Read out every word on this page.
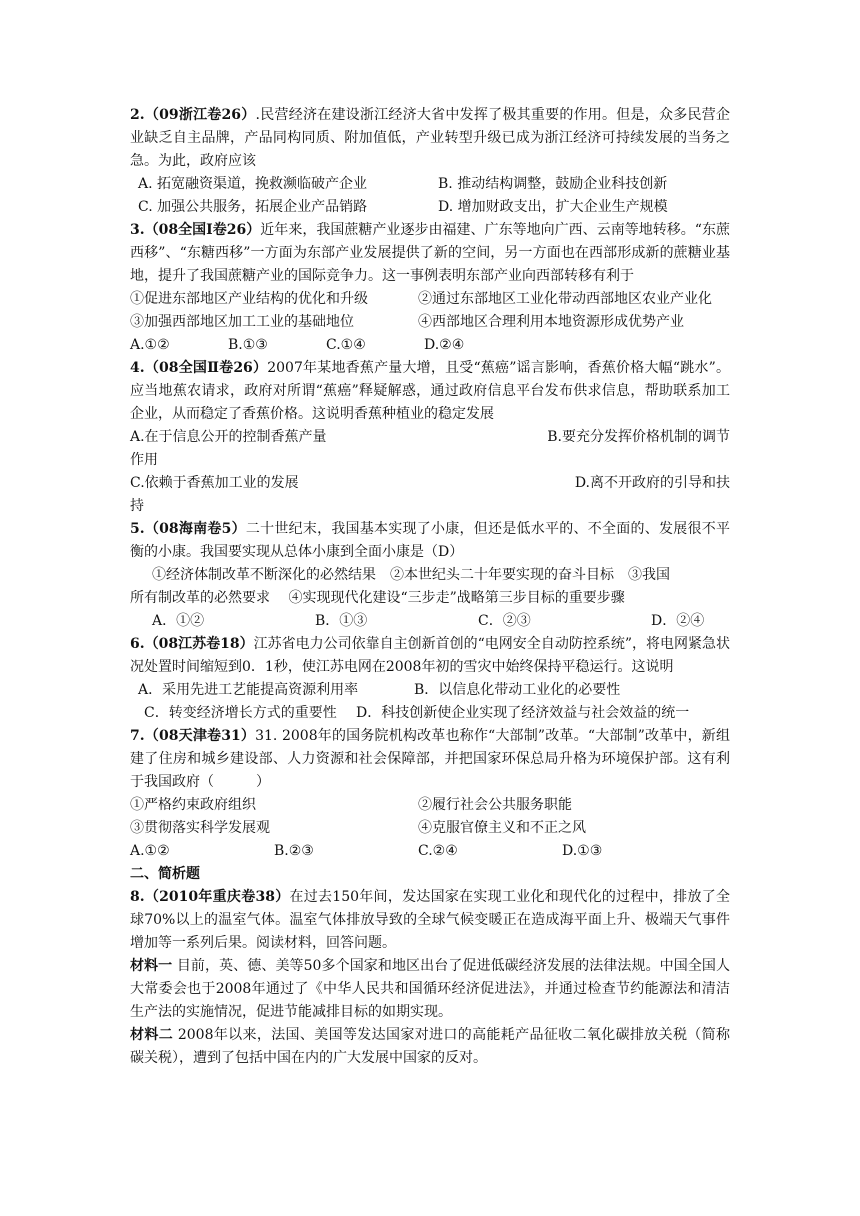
2.（09浙江卷26）.民营经济在建设浙江经济大省中发挥了极其重要的作用。但是，众多民营企业缺乏自主品牌，产品同构同质、附加值低，产业转型升级已成为浙江经济可持续发展的当务之急。为此，政府应该

A. 拓宽融资渠道，挽救濒临破产企业	B. 推动结构调整，鼓励企业科技创新
C. 加强公共服务，拓展企业产品销路	D. 增加财政支出，扩大企业生产规模

3.（08全国Ⅰ卷26）近年来，我国蔗糖产业逐步由福建、广东等地向广西、云南等地转移。“东蔗西移”、“东糖西移”一方面为东部产业发展提供了新的空间，另一方面也在西部形成新的蔗糖业基地，提升了我国蔗糖产业的国际竞争力。这一事例表明东部产业向西部转移有利于

①促进东部地区产业结构的优化和升级	②通过东部地区工业化带动西部地区农业产业化
③加强西部地区加工工业的基础地位	④西部地区合理利用本地资源形成优势产业
A.①②	B.①③	C.①④	D.②④

4.（08全国Ⅱ卷26）2007年某地香蕉产量大增，且受“蕉癌”谣言影响，香蕉价格大幅“跳水”。应当地蕉农请求，政府对所谓“蕉癌”释疑解惑，通过政府信息平台发布供求信息，帮助联系加工企业，从而稳定了香蕉价格。这说明香蕉种植业的稳定发展

A.在于信息公开的控制香蕉产量	B.要充分发挥价格机制的调节
作用
C.依赖于香蕉加工业的发展	D.离不开政府的引导和扶
持

5.（08海南卷5）二十世纪末，我国基本实现了小康，但还是低水平的、不全面的、发展很不平衡的小康。我国要实现从总体小康到全面小康是（D）

①经济体制改革不断深化的必然结果　②本世纪头二十年要实现的奋斗目标　③我国
所有制改革的必然要求　 ④实现现代化建设“三步走”战略第三步目标的重要步骤
A．①②	B．①③	C．②③	D．②④

6.（08江苏卷18）江苏省电力公司依靠自主创新首创的“电网安全自动防控系统”，将电网紧急状况处置时间缩短到0．1秒，使江苏电网在2008年初的雪灾中始终保持平稳运行。这说明

A．采用先进工艺能提高资源利用率	B．以信息化带动工业化的必要性
C．转变经济增长方式的重要性	D．科技创新使企业实现了经济效益与社会效益的统一

7.（08天津卷31）31. 2008年的国务院机构改革也称作“大部制”改革。“大部制”改革中，新组建了住房和城乡建设部、人力资源和社会保障部，并把国家环保总局升格为环境保护部。这有利于我国政府（　　　）

①严格约束政府组织	②履行社会公共服务职能
③贯彻落实科学发展观	④克服官僚主义和不正之风
A.①②	B.②③	C.②④	D.①③

二、简析题

8.（2010年重庆卷38）在过去150年间，发达国家在实现工业化和现代化的过程中，排放了全球70%以上的温室气体。温室气体排放导致的全球气候变暖正在造成海平面上升、极端天气事件增加等一系列后果。阅读材料，回答问题。

材料一 目前，英、德、美等50多个国家和地区出台了促进低碳经济发展的法律法规。中国全国人大常委会也于2008年通过了《中华人民共和国循环经济促进法》，并通过检查节约能源法和清洁生产法的实施情况，促进节能减排目标的如期实现。

材料二 2008年以来，法国、美国等发达国家对进口的高能耗产品征收二氧化碳排放关税（简称碳关税），遭到了包括中国在内的广大发展中国家的反对。
